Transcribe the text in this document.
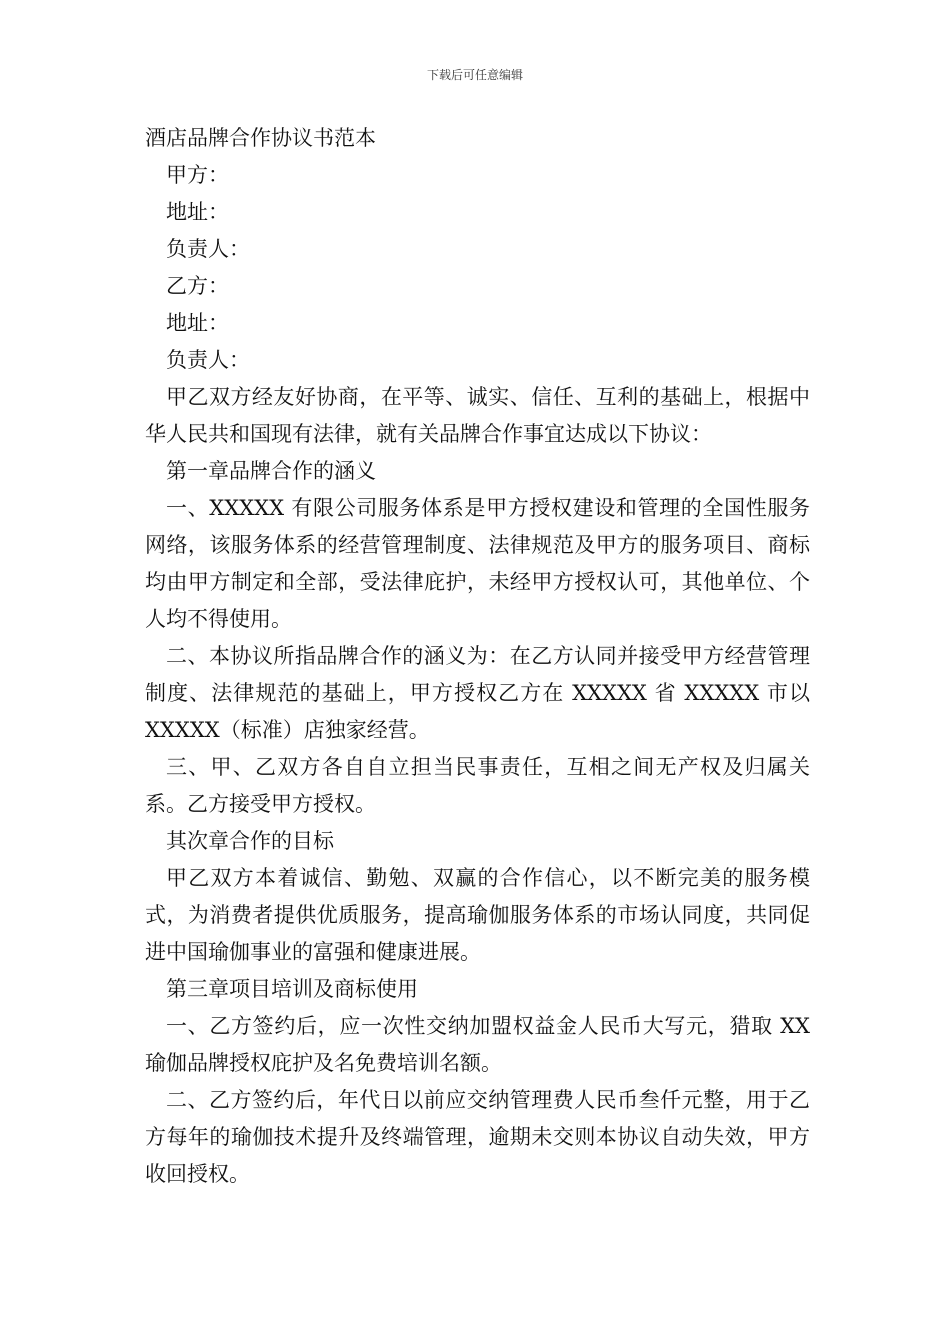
下载后可任意编辑
酒店品牌合作协议书范本

甲方：

地址：

负责人：

乙方：

地址：

负责人：

甲乙双方经友好协商，在平等、诚实、信任、互利的基础上，根据中华人民共和国现有法律，就有关品牌合作事宜达成以下协议：

第一章品牌合作的涵义

一、XXXXX 有限公司服务体系是甲方授权建设和管理的全国性服务网络，该服务体系的经营管理制度、法律规范及甲方的服务项目、商标均由甲方制定和全部，受法律庇护，未经甲方授权认可，其他单位、个人均不得使用。

二、本协议所指品牌合作的涵义为：在乙方认同并接受甲方经营管理制度、法律规范的基础上，甲方授权乙方在 XXXXX 省 XXXXX 市以 XXXXX（标准）店独家经营。

三、甲、乙双方各自自立担当民事责任，互相之间无产权及归属关系。乙方接受甲方授权。

其次章合作的目标

甲乙双方本着诚信、勤勉、双赢的合作信心，以不断完美的服务模式，为消费者提供优质服务，提高瑜伽服务体系的市场认同度，共同促进中国瑜伽事业的富强和健康进展。

第三章项目培训及商标使用

一、乙方签约后，应一次性交纳加盟权益金人民币大写元，猎取 XX 瑜伽品牌授权庇护及名免费培训名额。

二、乙方签约后，年代日以前应交纳管理费人民币叁仟元整，用于乙方每年的瑜伽技术提升及终端管理，逾期未交则本协议自动失效，甲方收回授权。
